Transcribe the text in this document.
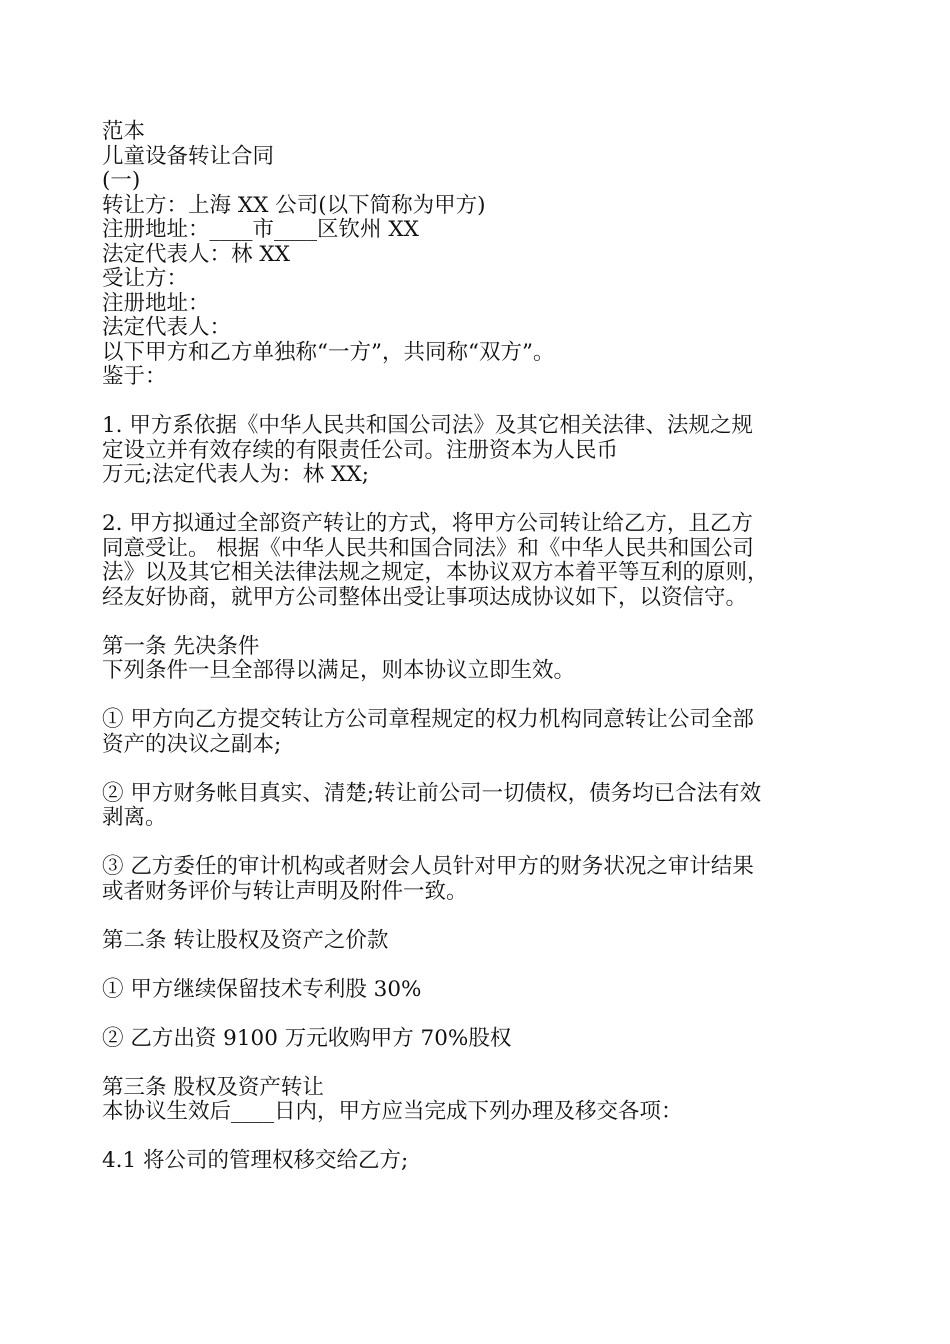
范本
儿童设备转让合同
(一)
转让方：上海 XX 公司(以下简称为甲方)
注册地址：____市____区钦州 XX
法定代表人：林 XX
受让方：
注册地址：
法定代表人：
以下甲方和乙方单独称“一方”，共同称“双方”。
鉴于：
1. 甲方系依据《中华人民共和国公司法》及其它相关法律、法规之规
定设立并有效存续的有限责任公司。注册资本为人民币
万元;法定代表人为：林 XX;
2. 甲方拟通过全部资产转让的方式，将甲方公司转让给乙方，且乙方
同意受让。 根据《中华人民共和国合同法》和《中华人民共和国公司
法》以及其它相关法律法规之规定，本协议双方本着平等互利的原则，
经友好协商，就甲方公司整体出受让事项达成协议如下，以资信守。
第一条 先决条件
下列条件一旦全部得以满足，则本协议立即生效。
① 甲方向乙方提交转让方公司章程规定的权力机构同意转让公司全部
资产的决议之副本;
② 甲方财务帐目真实、清楚;转让前公司一切债权，债务均已合法有效
剥离。
③ 乙方委任的审计机构或者财会人员针对甲方的财务状况之审计结果
或者财务评价与转让声明及附件一致。
第二条 转让股权及资产之价款
① 甲方继续保留技术专利股 30%
② 乙方出资 9100 万元收购甲方 70%股权
第三条 股权及资产转让
本协议生效后____日内，甲方应当完成下列办理及移交各项：
4.1 将公司的管理权移交给乙方;
